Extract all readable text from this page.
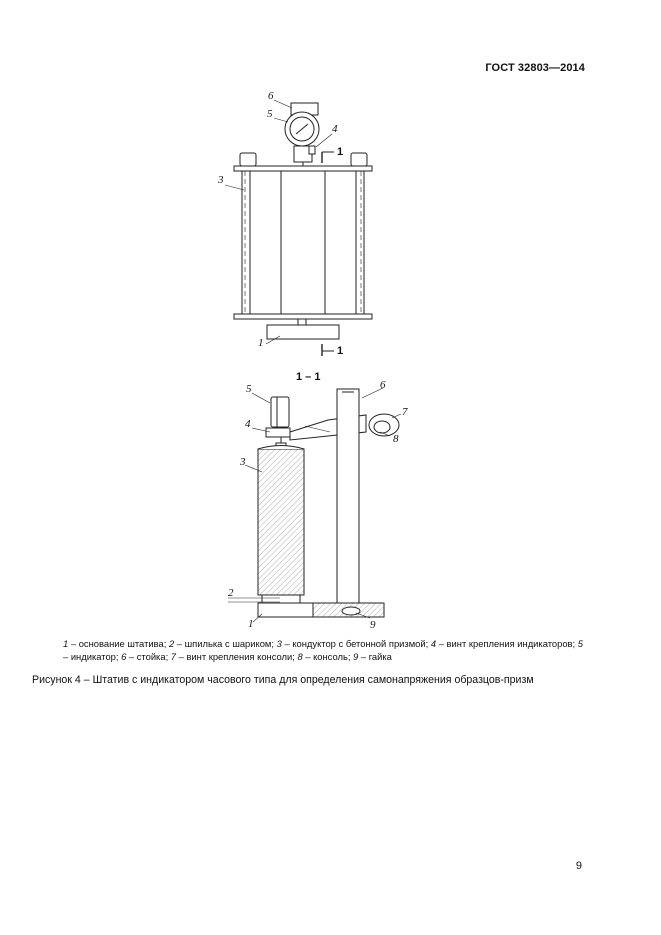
ГОСТ 32803—2014
6
5
4
3
1
1
1
1 – 1
5
4
3
2
1
6
7
8
9
1 – основание штатива; 2 – шпилька с шариком; 3 – кондуктор с бетонной призмой; 4 – винт крепления индикаторов; 5 – индикатор; 6 – стойка; 7 – винт крепления консоли; 8 – консоль; 9 – гайка
Рисунок 4 – Штатив с индикатором часового типа для определения самонапряжения образцов-призм
9
